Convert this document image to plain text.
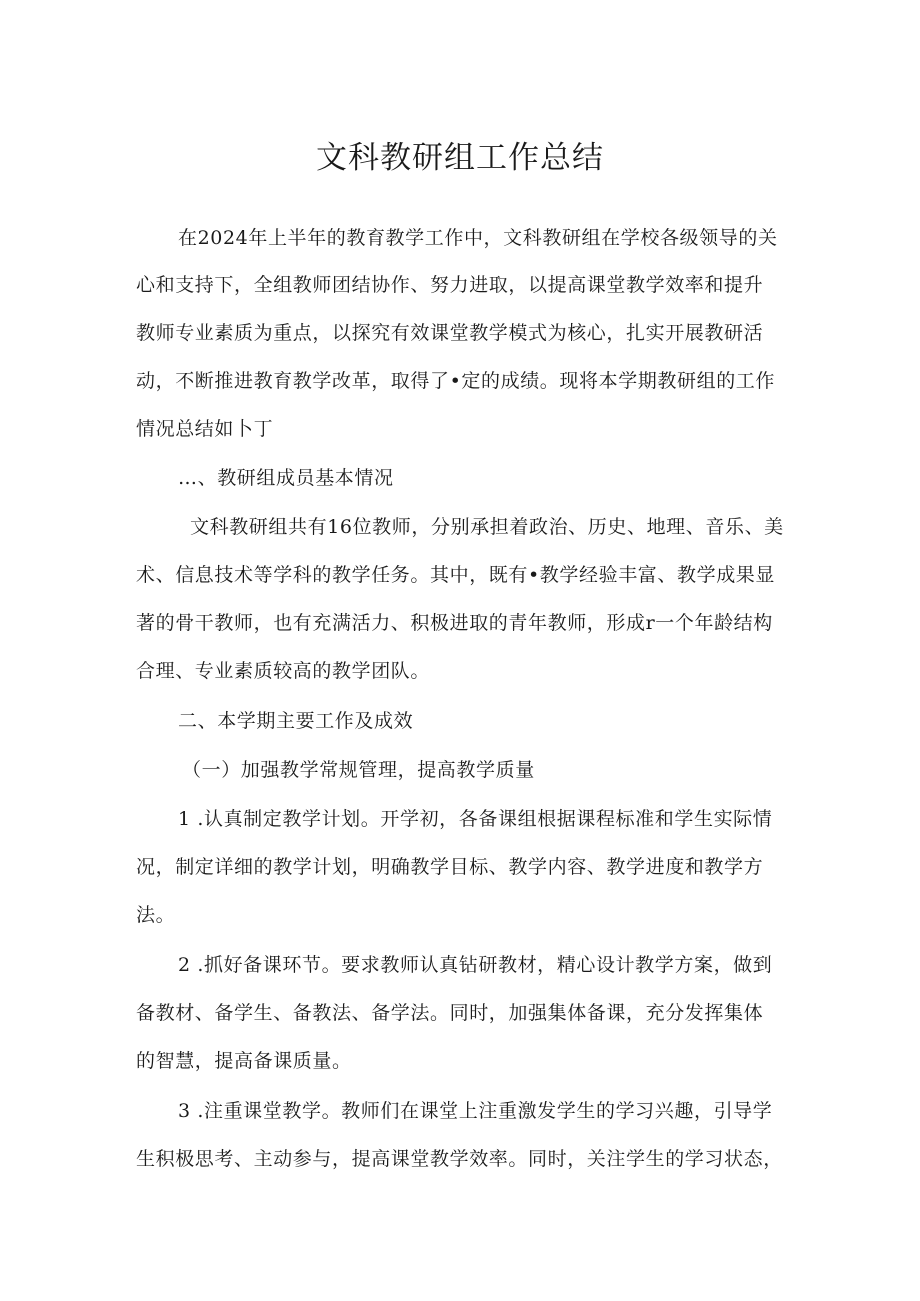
文科教研组工作总结
在2024年上半年的教育教学工作中，文科教研组在学校各级领导的关
心和支持下，全组教师团结协作、努力进取，以提高课堂教学效率和提升
教师专业素质为重点，以探究有效课堂教学模式为核心，扎实开展教研活
动，不断推进教育教学改革，取得了•定的成绩。现将本学期教研组的工作
情况总结如卜丁
…、教研组成员基本情况
文科教研组共有16位教师，分别承担着政治、历史、地理、音乐、美
术、信息技术等学科的教学任务。其中，既有•教学经验丰富、教学成果显
著的骨干教师，也有充满活力、积极进取的青年教师，形成r一个年龄结构
合理、专业素质较高的教学团队。
二、本学期主要工作及成效
（一）加强教学常规管理，提高教学质量
1 .认真制定教学计划。开学初，各备课组根据课程标准和学生实际情
况，制定详细的教学计划，明确教学目标、教学内容、教学进度和教学方
法。
2 .抓好备课环节。要求教师认真钻研教材，精心设计教学方案，做到
备教材、备学生、备教法、备学法。同时，加强集体备课，充分发挥集体
的智慧，提高备课质量。
3 .注重课堂教学。教师们在课堂上注重激发学生的学习兴趣，引导学
生积极思考、主动参与，提高课堂教学效率。同时，关注学生的学习状态，
